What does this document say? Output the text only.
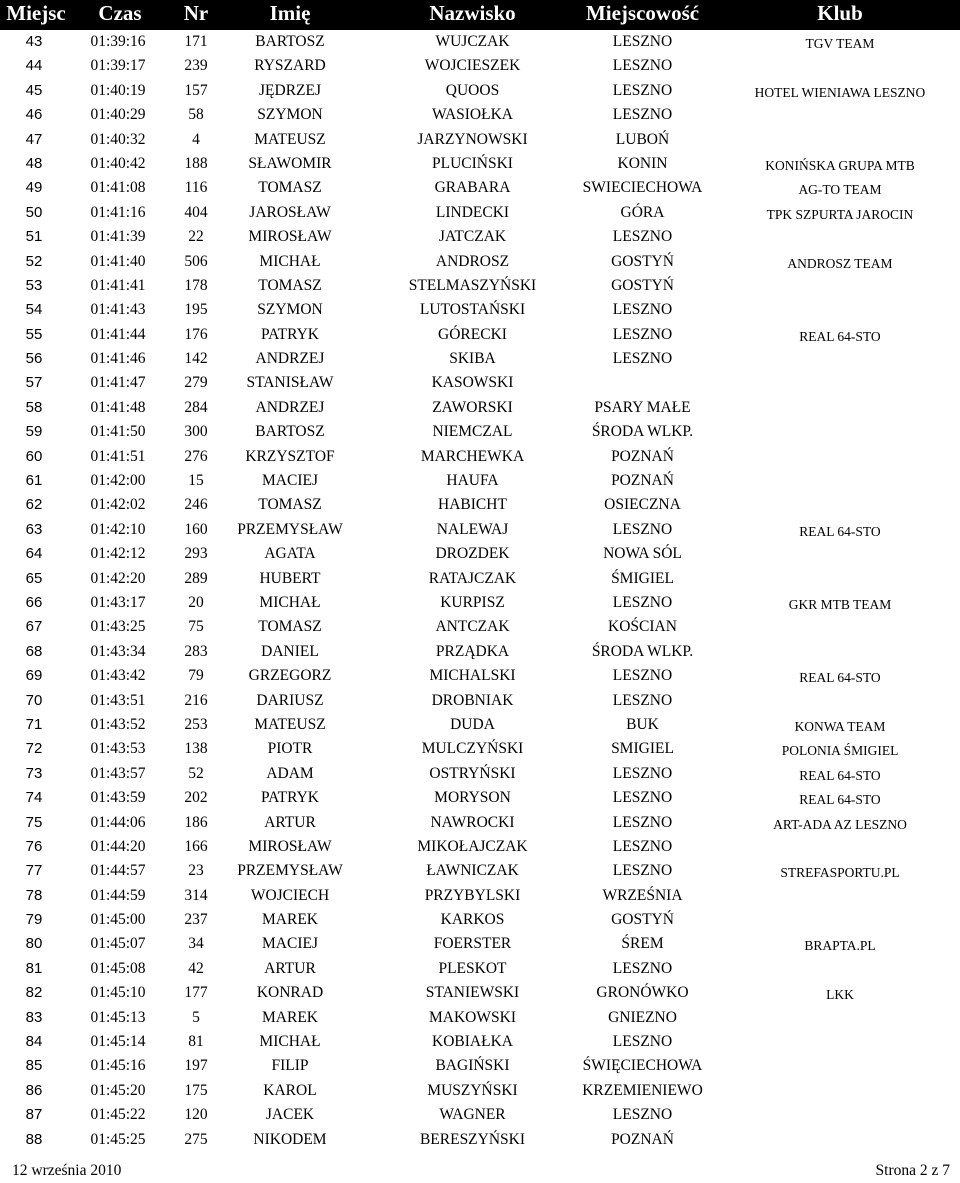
Miejsc	Czas	Nr	Imię	Nazwisko	Miejscowość	Klub
43	01:39:16	171	BARTOSZ	WUJCZAK	LESZNO	TGV TEAM
44	01:39:17	239	RYSZARD	WOJCIESZEK	LESZNO
45	01:40:19	157	JĘDRZEJ	QUOOS	LESZNO	HOTEL WIENIAWA LESZNO
46	01:40:29	58	SZYMON	WASIOŁKA	LESZNO
47	01:40:32	4	MATEUSZ	JARZYNOWSKI	LUBOŃ
48	01:40:42	188	SŁAWOMIR	PLUCIŃSKI	KONIN	KONIŃSKA GRUPA MTB
49	01:41:08	116	TOMASZ	GRABARA	SWIECIECHOWA	AG-TO TEAM
50	01:41:16	404	JAROSŁAW	LINDECKI	GÓRA	TPK SZPURTA JAROCIN
51	01:41:39	22	MIROSŁAW	JATCZAK	LESZNO
52	01:41:40	506	MICHAŁ	ANDROSZ	GOSTYŃ	ANDROSZ TEAM
53	01:41:41	178	TOMASZ	STELMASZYŃSKI	GOSTYŃ
54	01:41:43	195	SZYMON	LUTOSTAŃSKI	LESZNO
55	01:41:44	176	PATRYK	GÓRECKI	LESZNO	REAL 64-STO
56	01:41:46	142	ANDRZEJ	SKIBA	LESZNO
57	01:41:47	279	STANISŁAW	KASOWSKI
58	01:41:48	284	ANDRZEJ	ZAWORSKI	PSARY MAŁE
59	01:41:50	300	BARTOSZ	NIEMCZAL	ŚRODA WLKP.
60	01:41:51	276	KRZYSZTOF	MARCHEWKA	POZNAŃ
61	01:42:00	15	MACIEJ	HAUFA	POZNAŃ
62	01:42:02	246	TOMASZ	HABICHT	OSIECZNA
63	01:42:10	160	PRZEMYSŁAW	NALEWAJ	LESZNO	REAL 64-STO
64	01:42:12	293	AGATA	DROZDEK	NOWA SÓL
65	01:42:20	289	HUBERT	RATAJCZAK	ŚMIGIEL
66	01:43:17	20	MICHAŁ	KURPISZ	LESZNO	GKR MTB TEAM
67	01:43:25	75	TOMASZ	ANTCZAK	KOŚCIAN
68	01:43:34	283	DANIEL	PRZĄDKA	ŚRODA WLKP.
69	01:43:42	79	GRZEGORZ	MICHALSKI	LESZNO	REAL 64-STO
70	01:43:51	216	DARIUSZ	DROBNIAK	LESZNO
71	01:43:52	253	MATEUSZ	DUDA	BUK	KONWA TEAM
72	01:43:53	138	PIOTR	MULCZYŃSKI	SMIGIEL	POLONIA ŚMIGIEL
73	01:43:57	52	ADAM	OSTRYŃSKI	LESZNO	REAL 64-STO
74	01:43:59	202	PATRYK	MORYSON	LESZNO	REAL 64-STO
75	01:44:06	186	ARTUR	NAWROCKI	LESZNO	ART-ADA AZ LESZNO
76	01:44:20	166	MIROSŁAW	MIKOŁAJCZAK	LESZNO
77	01:44:57	23	PRZEMYSŁAW	ŁAWNICZAK	LESZNO	STREFASPORTU.PL
78	01:44:59	314	WOJCIECH	PRZYBYLSKI	WRZEŚNIA
79	01:45:00	237	MAREK	KARKOS	GOSTYŃ
80	01:45:07	34	MACIEJ	FOERSTER	ŚREM	BRAPTA.PL
81	01:45:08	42	ARTUR	PLESKOT	LESZNO
82	01:45:10	177	KONRAD	STANIEWSKI	GRONÓWKO	LKK
83	01:45:13	5	MAREK	MAKOWSKI	GNIEZNO
84	01:45:14	81	MICHAŁ	KOBIAŁKA	LESZNO
85	01:45:16	197	FILIP	BAGIŃSKI	ŚWIĘCIECHOWA
86	01:45:20	175	KAROL	MUSZYŃSKI	KRZEMIENIEWO
87	01:45:22	120	JACEK	WAGNER	LESZNO
88	01:45:25	275	NIKODEM	BERESZYŃSKI	POZNAŃ
12 września 2010	Strona 2 z 7
